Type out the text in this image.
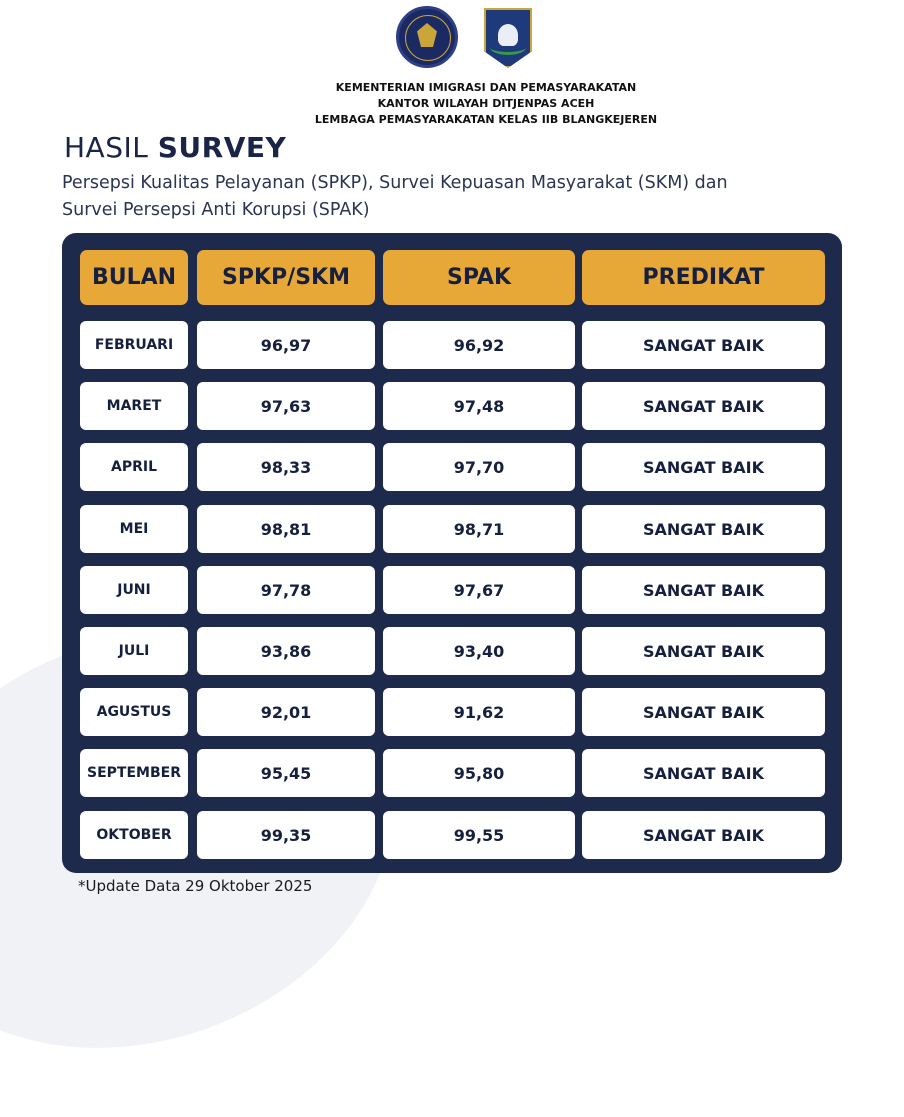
KEMENTERIAN IMIGRASI DAN PEMASYARAKATAN
KANTOR WILAYAH DITJENPAS ACEH
LEMBAGA PEMASYARAKATAN KELAS IIB BLANGKEJEREN
HASIL SURVEY
Persepsi Kualitas Pelayanan (SPKP), Survei Kepuasan Masyarakat (SKM) dan Survei Persepsi Anti Korupsi (SPAK)
BULAN	SPKP/SKM	SPAK	PREDIKAT
FEBRUARI	96,97	96,92	SANGAT BAIK
MARET	97,63	97,48	SANGAT BAIK
APRIL	98,33	97,70	SANGAT BAIK
MEI	98,81	98,71	SANGAT BAIK
JUNI	97,78	97,67	SANGAT BAIK
JULI	93,86	93,40	SANGAT BAIK
AGUSTUS	92,01	91,62	SANGAT BAIK
SEPTEMBER	95,45	95,80	SANGAT BAIK
OKTOBER	99,35	99,55	SANGAT BAIK
*Update Data 29 Oktober 2025
